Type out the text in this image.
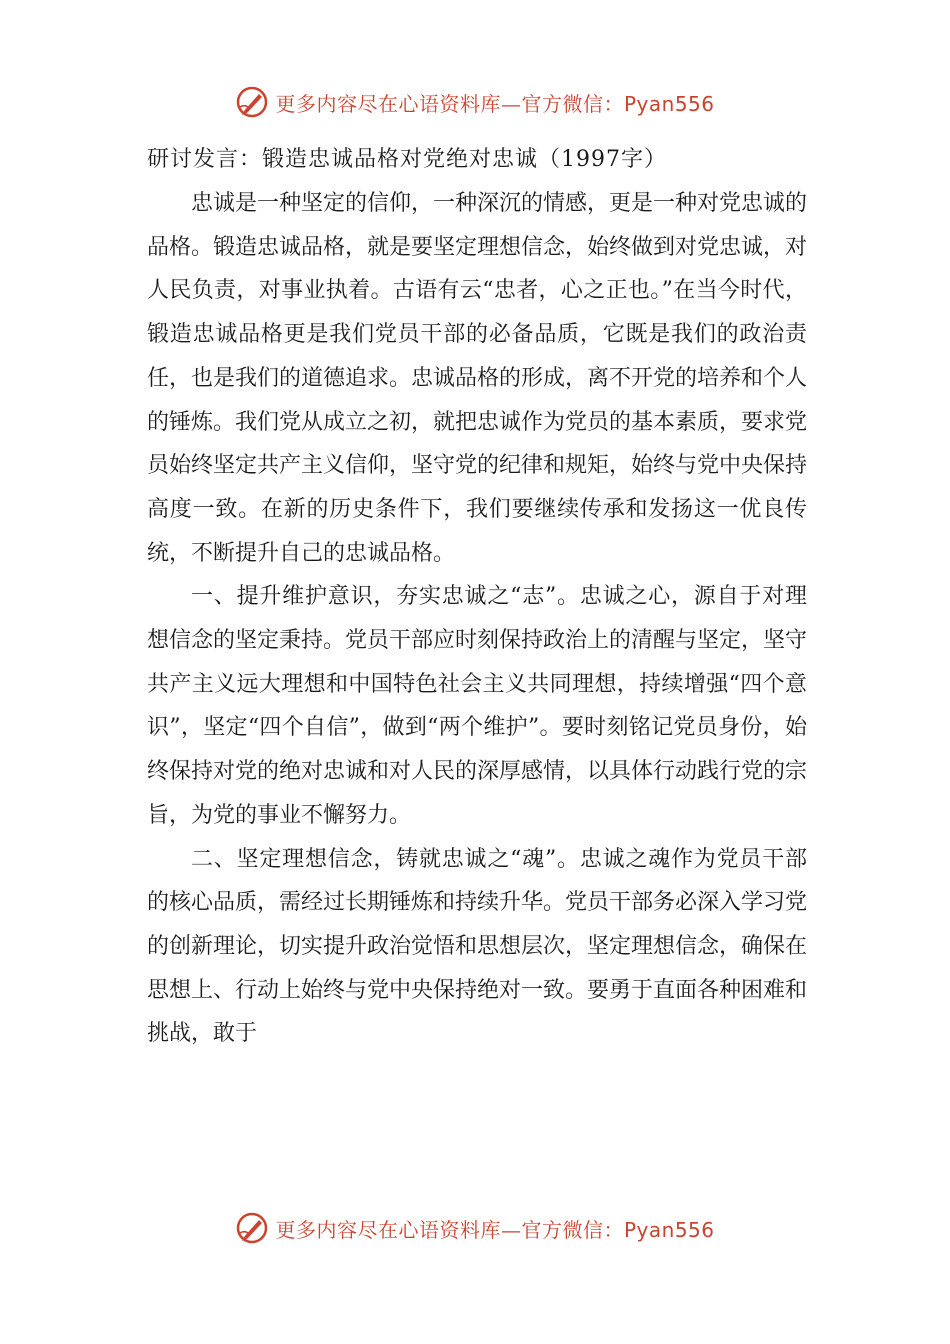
更多内容尽在心语资料库—官方微信：Pyan556
研讨发言：锻造忠诚品格对党绝对忠诚（1997字）

忠诚是一种坚定的信仰，一种深沉的情感，更是一种对党忠诚的品格。锻造忠诚品格，就是要坚定理想信念，始终做到对党忠诚，对人民负责，对事业执着。古语有云“忠者，心之正也。”在当今时代，锻造忠诚品格更是我们党员干部的必备品质，它既是我们的政治责任，也是我们的道德追求。忠诚品格的形成，离不开党的培养和个人的锤炼。我们党从成立之初，就把忠诚作为党员的基本素质，要求党员始终坚定共产主义信仰，坚守党的纪律和规矩，始终与党中央保持高度一致。在新的历史条件下，我们要继续传承和发扬这一优良传统，不断提升自己的忠诚品格。

一、提升维护意识，夯实忠诚之“志”。忠诚之心，源自于对理想信念的坚定秉持。党员干部应时刻保持政治上的清醒与坚定，坚守共产主义远大理想和中国特色社会主义共同理想，持续增强“四个意识”，坚定“四个自信”，做到“两个维护”。要时刻铭记党员身份，始终保持对党的绝对忠诚和对人民的深厚感情，以具体行动践行党的宗旨，为党的事业不懈努力。

二、坚定理想信念，铸就忠诚之“魂”。忠诚之魂作为党员干部的核心品质，需经过长期锤炼和持续升华。党员干部务必深入学习党的创新理论，切实提升政治觉悟和思想层次，坚定理想信念，确保在思想上、行动上始终与党中央保持绝对一致。要勇于直面各种困难和挑战，敢于

更多内容尽在心语资料库—官方微信：Pyan556
